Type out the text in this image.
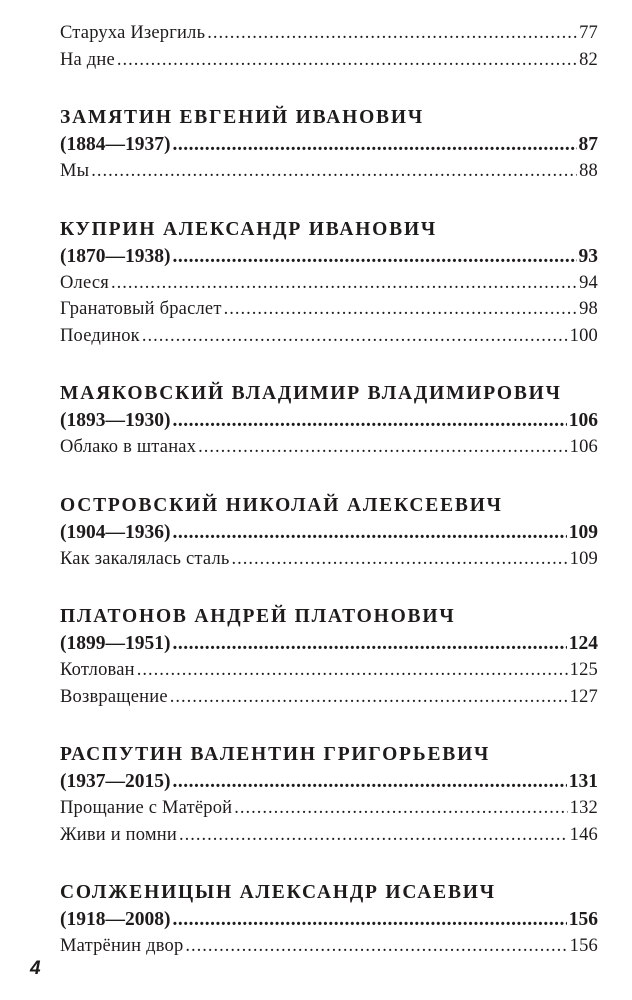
Старуха Изергиль .....	77
На дне .....	82
ЗАМЯТИН ЕВГЕНИЙ ИВАНОВИЧ
(1884—1937) .....	87
Мы .....	88
КУПРИН АЛЕКСАНДР ИВАНОВИЧ
(1870—1938) .....	93
Олеся .....	94
Гранатовый браслет .....	98
Поединок .....	100
МАЯКОВСКИЙ ВЛАДИМИР ВЛАДИМИРОВИЧ
(1893—1930) .....	106
Облако в штанах .....	106
ОСТРОВСКИЙ НИКОЛАЙ АЛЕКСЕЕВИЧ
(1904—1936) .....	109
Как закалялась сталь .....	109
ПЛАТОНОВ АНДРЕЙ ПЛАТОНОВИЧ
(1899—1951) .....	124
Котлован .....	125
Возвращение .....	127
РАСПУТИН ВАЛЕНТИН ГРИГОРЬЕВИЧ
(1937—2015) .....	131
Прощание с Матёрой .....	132
Живи и помни .....	146
СОЛЖЕНИЦЫН АЛЕКСАНДР ИСАЕВИЧ
(1918—2008) .....	156
Матрёнин двор .....	156
4
